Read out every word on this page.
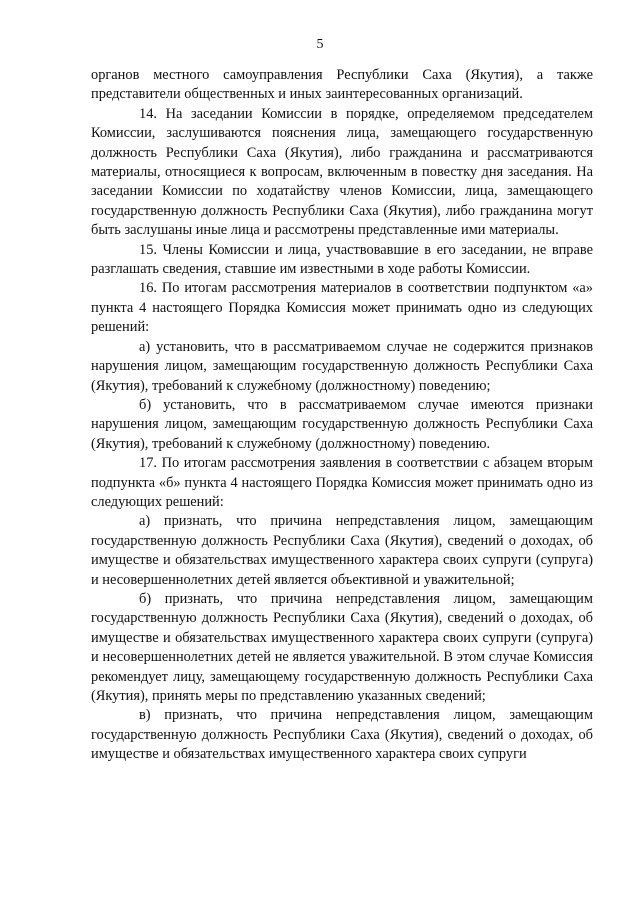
5

органов местного самоуправления Республики Саха (Якутия), а также представители общественных и иных заинтересованных организаций.

14. На заседании Комиссии в порядке, определяемом председателем Комиссии, заслушиваются пояснения лица, замещающего государственную должность Республики Саха (Якутия), либо гражданина и рассматриваются материалы, относящиеся к вопросам, включенным в повестку дня заседания. На заседании Комиссии по ходатайству членов Комиссии, лица, замещающего государственную должность Республики Саха (Якутия), либо гражданина могут быть заслушаны иные лица и рассмотрены представленные ими материалы.

15. Члены Комиссии и лица, участвовавшие в его заседании, не вправе разглашать сведения, ставшие им известными в ходе работы Комиссии.

16. По итогам рассмотрения материалов в соответствии подпунктом «а» пункта 4 настоящего Порядка Комиссия может принимать одно из следующих решений:

а) установить, что в рассматриваемом случае не содержится признаков нарушения лицом, замещающим государственную должность Республики Саха (Якутия), требований к служебному (должностному) поведению;

б) установить, что в рассматриваемом случае имеются признаки нарушения лицом, замещающим государственную должность Республики Саха (Якутия), требований к служебному (должностному) поведению.

17. По итогам рассмотрения заявления в соответствии с абзацем вторым подпункта «б» пункта 4 настоящего Порядка Комиссия может принимать одно из следующих решений:

а) признать, что причина непредставления лицом, замещающим государственную должность Республики Саха (Якутия), сведений о доходах, об имуществе и обязательствах имущественного характера своих супруги (супруга) и несовершеннолетних детей является объективной и уважительной;

б) признать, что причина непредставления лицом, замещающим государственную должность Республики Саха (Якутия), сведений о доходах, об имуществе и обязательствах имущественного характера своих супруги (супруга) и несовершеннолетних детей не является уважительной. В этом случае Комиссия рекомендует лицу, замещающему государственную должность Республики Саха (Якутия), принять меры по представлению указанных сведений;

в) признать, что причина непредставления лицом, замещающим государственную должность Республики Саха (Якутия), сведений о доходах, об имуществе и обязательствах имущественного характера своих супруги
